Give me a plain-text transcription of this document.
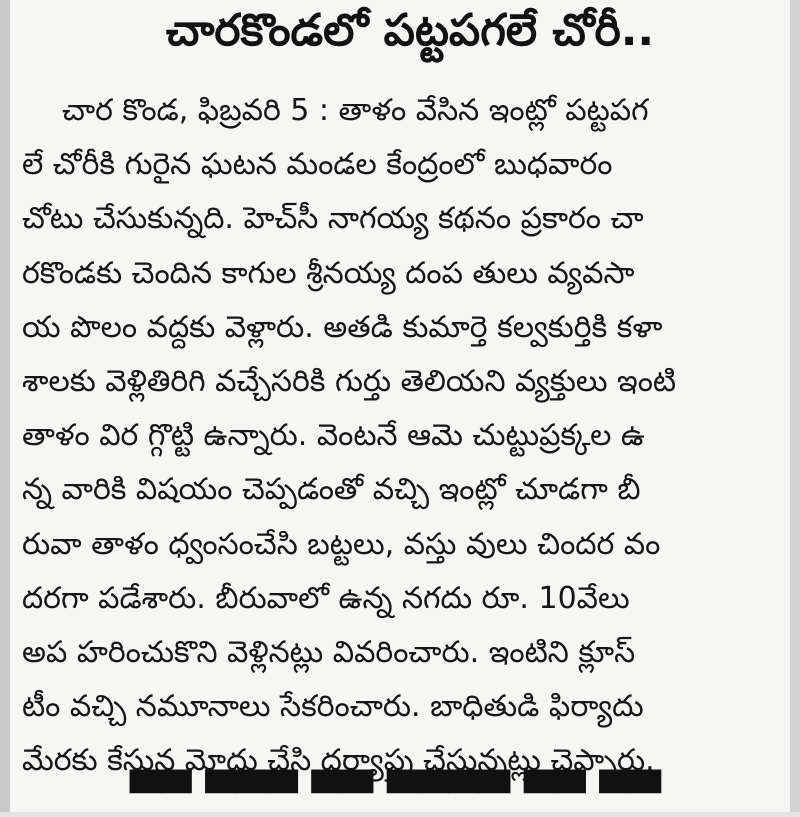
చారకొండలో పట్టపగలే చోరీ..
చార కొండ, ఫిబ్రవరి 5 : తాళం వేసిన ఇంట్లో పట్టపగ
లే చోరీకి గురైన ఘటన మండల కేంద్రంలో బుధవారం
చోటు చేసుకున్నది. హెచ్‌సీ నాగయ్య కథనం ప్రకారం చా
రకొండకు చెందిన కాగుల శ్రీనయ్య దంప తులు వ్యవసా
య పొలం వద్దకు వెళ్లారు. అతడి కుమార్తె కల్వకుర్తికి కళా
శాలకు వెళ్లితిరిగి వచ్చేసరికి గుర్తు తెలియని వ్యక్తులు ఇంటి
తాళం విర గ్గొట్టి ఉన్నారు. వెంటనే ఆమె చుట్టుప్రక్కల ఉ
న్న వారికి విషయం చెప్పడంతో వచ్చి ఇంట్లో చూడగా బీ
రువా తాళం ధ్వంసంచేసి బట్టలు, వస్తు వులు చిందర వం
దరగా పడేశారు. బీరువాలో ఉన్న నగదు రూ. 10వేలు
అప హరించుకొని వెళ్లినట్లు వివరించారు. ఇంటిని క్లూస్
టీం వచ్చి నమూనాలు సేకరించారు. బాధితుడి ఫిర్యాదు
మేరకు కేసున మోదు చేసి దర్యాప్తు చేస్తున్నట్లు చెప్పారు.
▀▀ ▀▀▀ ▀▀ ▀▀▀▀ ▀▀ ▀▀
